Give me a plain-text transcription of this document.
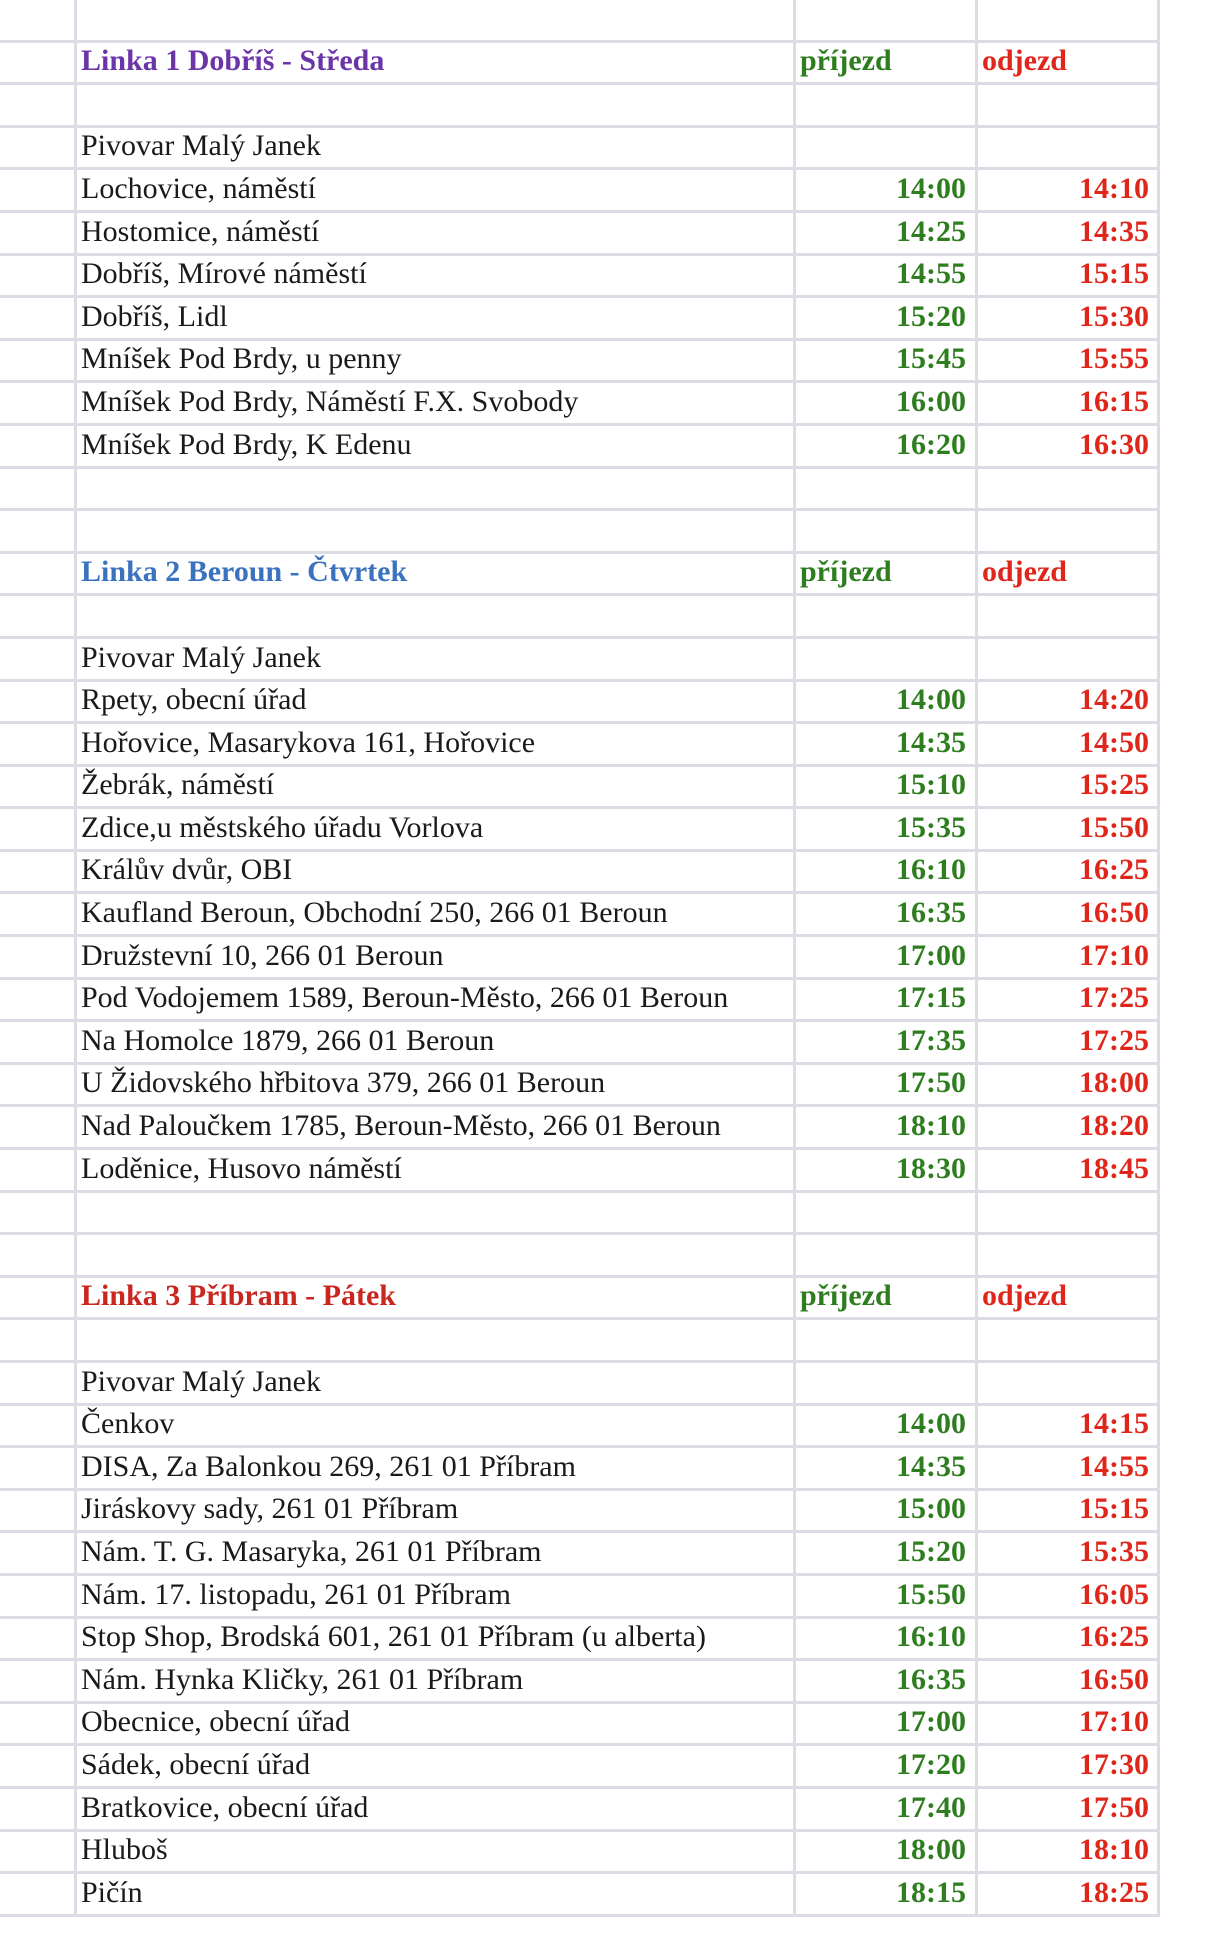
Linka 1 Dobříš - Středa	příjezd	odjezd
Pivovar Malý Janek
Lochovice, náměstí	14:00	14:10
Hostomice, náměstí	14:25	14:35
Dobříš, Mírové náměstí	14:55	15:15
Dobříš, Lidl	15:20	15:30
Mníšek Pod Brdy, u penny	15:45	15:55
Mníšek Pod Brdy, Náměstí F.X. Svobody	16:00	16:15
Mníšek Pod Brdy, K Edenu	16:20	16:30
Linka 2 Beroun - Čtvrtek	příjezd	odjezd
Pivovar Malý Janek
Rpety, obecní úřad	14:00	14:20
Hořovice, Masarykova 161, Hořovice	14:35	14:50
Žebrák, náměstí	15:10	15:25
Zdice,u městského úřadu Vorlova	15:35	15:50
Králův dvůr, OBI	16:10	16:25
Kaufland Beroun, Obchodní 250, 266 01 Beroun	16:35	16:50
Družstevní 10, 266 01 Beroun	17:00	17:10
Pod Vodojemem 1589, Beroun-Město, 266 01 Beroun	17:15	17:25
Na Homolce 1879, 266 01 Beroun	17:35	17:25
U Židovského hřbitova 379, 266 01 Beroun	17:50	18:00
Nad Paloučkem 1785, Beroun-Město, 266 01 Beroun	18:10	18:20
Loděnice, Husovo náměstí	18:30	18:45
Linka 3 Příbram - Pátek	příjezd	odjezd
Pivovar Malý Janek
Čenkov	14:00	14:15
DISA, Za Balonkou 269, 261 01 Příbram	14:35	14:55
Jiráskovy sady, 261 01 Příbram	15:00	15:15
Nám. T. G. Masaryka, 261 01 Příbram	15:20	15:35
Nám. 17. listopadu, 261 01 Příbram	15:50	16:05
Stop Shop, Brodská 601, 261 01 Příbram (u alberta)	16:10	16:25
Nám. Hynka Kličky, 261 01 Příbram	16:35	16:50
Obecnice, obecní úřad	17:00	17:10
Sádek, obecní úřad	17:20	17:30
Bratkovice, obecní úřad	17:40	17:50
Hluboš	18:00	18:10
Pičín	18:15	18:25
